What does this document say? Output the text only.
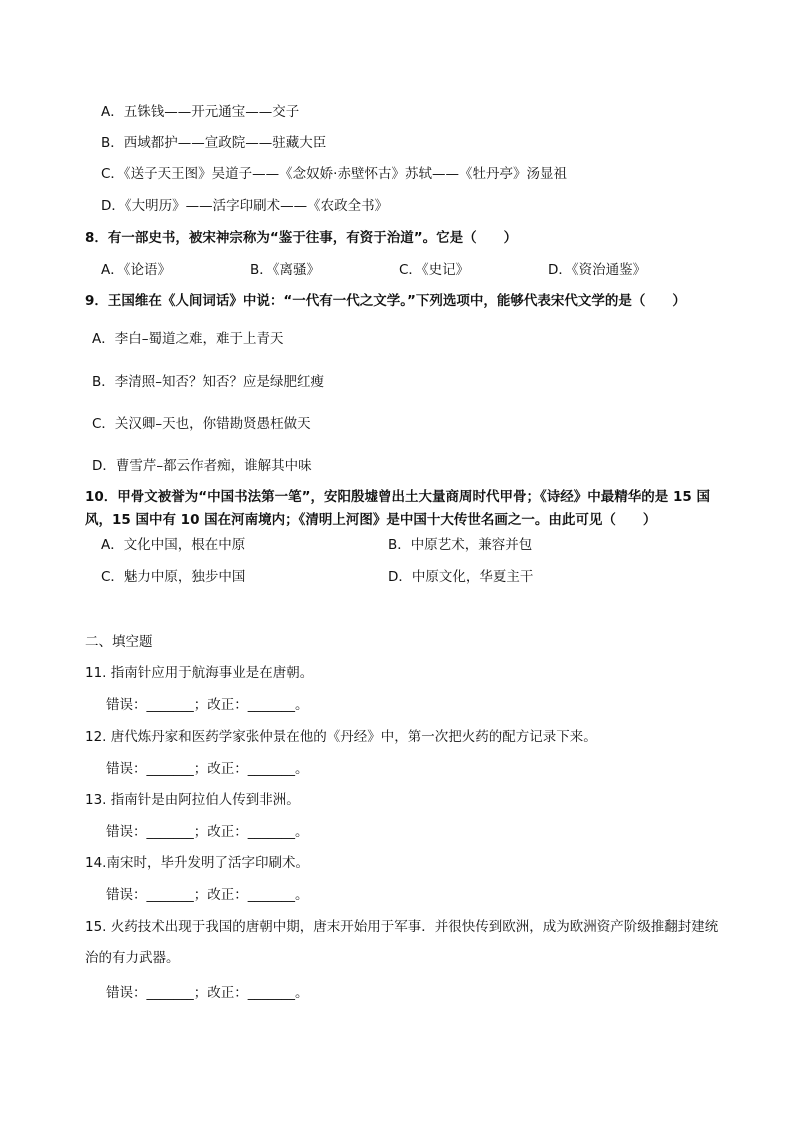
A．五铢钱——开元通宝——交子
B．西域都护——宣政院——驻藏大臣
C．《送子天王图》吴道子——《念奴娇·赤壁怀古》苏轼——《牡丹亭》汤显祖
D．《大明历》——活字印刷术——《农政全书》
8．有一部史书，被宋神宗称为“鉴于往事，有资于治道”。它是（　　）
A．《论语》	B．《离骚》	C．《史记》	D．《资治通鉴》
9．王国维在《人间词话》中说：“一代有一代之文学。”下列选项中，能够代表宋代文学的是（　　）
A．李白–蜀道之难，难于上青天
B．李清照–知否？知否？应是绿肥红瘦
C．关汉卿–天也，你错勘贤愚枉做天
D．曹雪芹–都云作者痴，谁解其中味
10．甲骨文被誉为“中国书法第一笔”，安阳殷墟曾出土大量商周时代甲骨；《诗经》中最精华的是 15 国
风，15 国中有 10 国在河南境内；《清明上河图》是中国十大传世名画之一。由此可见（　　）
A．文化中国，根在中原	B．中原艺术，兼容并包
C．魅力中原，独步中国	D．中原文化，华夏主干
二、填空题
11. 指南针应用于航海事业是在唐朝。
错误：_______；改正：_______。
12. 唐代炼丹家和医药学家张仲景在他的《丹经》中，第一次把火药的配方记录下来。
错误：_______；改正：_______。
13. 指南针是由阿拉伯人传到非洲。
错误：_______；改正：_______。
14.南宋时，毕升发明了活字印刷术。
错误：_______；改正：_______。
15. 火药技术出现于我国的唐朝中期，唐末开始用于军事．并很快传到欧洲，成为欧洲资产阶级推翻封建统
治的有力武器。
错误：_______；改正：_______。
